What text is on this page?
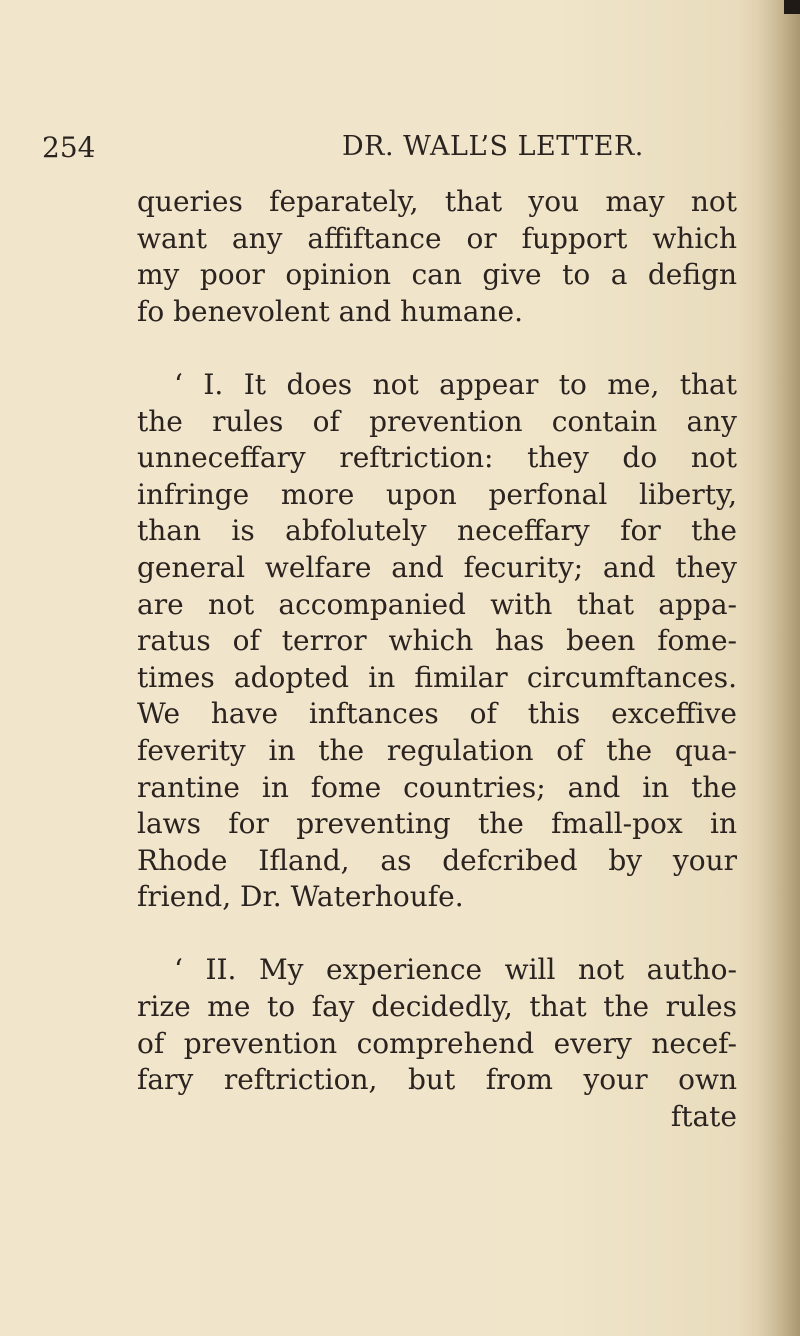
254	DR. WALL’S LETTER.
queries feparately, that you may not
want any affiftance or fupport which
my poor opinion can give to a defign
fo benevolent and humane.
‘ I. It does not appear to me, that
the rules of prevention contain any
unneceffary reftriction: they do not
infringe more upon perfonal liberty,
than is abfolutely neceffary for the
general welfare and fecurity; and they
are not accompanied with that appa-
ratus of terror which has been fome-
times adopted in fimilar circumftances.
We have inftances of this exceffive
feverity in the regulation of the qua-
rantine in fome countries; and in the
laws for preventing the fmall-pox in
Rhode Ifland, as defcribed by your
friend, Dr. Waterhoufe.
‘ II. My experience will not autho-
rize me to fay decidedly, that the rules
of prevention comprehend every necef-
fary reftriction, but from your own
ftate
